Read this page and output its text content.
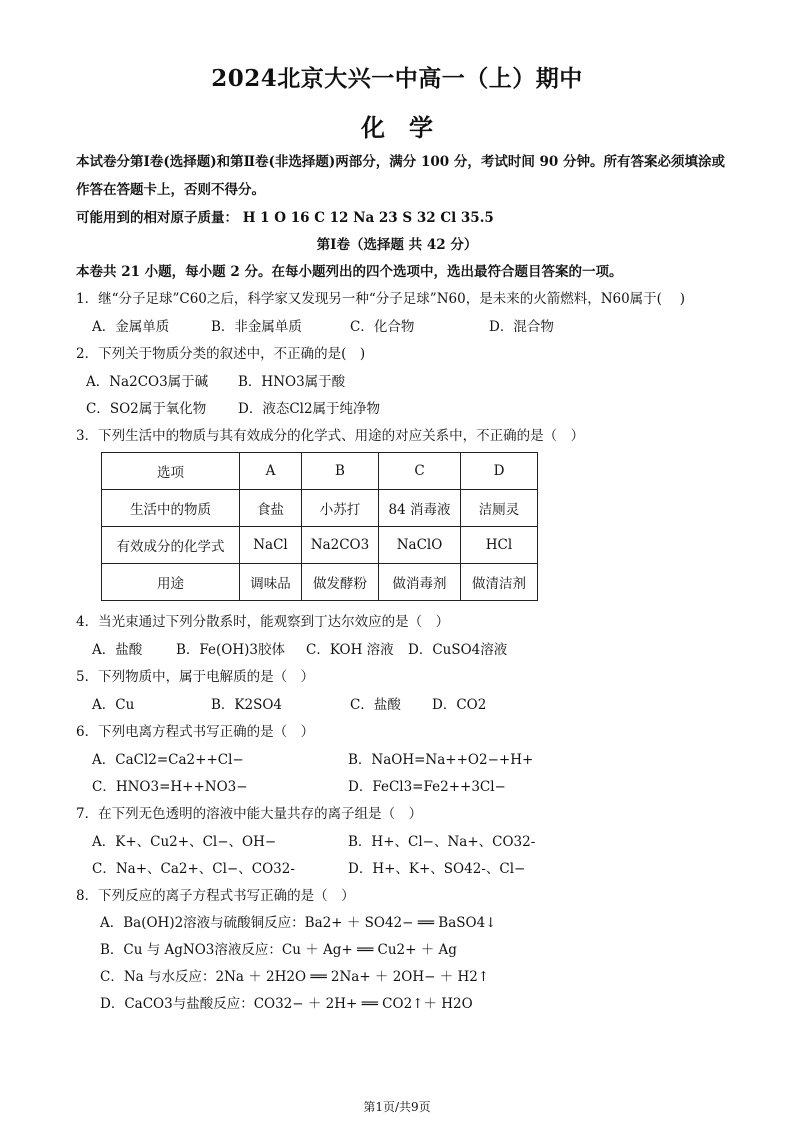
2024北京大兴一中高一（上）期中
化学
本试卷分第Ⅰ卷(选择题)和第Ⅱ卷(非选择题)两部分，满分 100 分，考试时间 90 分钟。所有答案必须填涂或
作答在答题卡上，否则不得分。
可能用到的相对原子质量： H 1 O 16 C 12 Na 23 S 32 Cl 35.5
第Ⅰ卷（选择题 共 42 分）
本卷共 21 小题，每小题 2 分。在每小题列出的四个选项中，选出最符合题目答案的一项。
1．继“分子足球”C60之后，科学家又发现另一种“分子足球”N60，是未来的火箭燃料，N60属于(　 )
A．金属单质	B．非金属单质	C．化合物	D．混合物
2．下列关于物质分类的叙述中，不正确的是(　)
A．Na2CO3属于碱 B．HNO3属于酸
C．SO2属于氧化物 D．液态Cl2属于纯净物
3．下列生活中的物质与其有效成分的化学式、用途的对应关系中，不正确的是（　）
选项	A	B	C	D
生活中的物质	食盐	小苏打	84 消毒液	洁厕灵
有效成分的化学式	NaCl	Na2CO3	NaClO	HCl
用途	调味品	做发酵粉	做消毒剂	做清洁剂
4．当光束通过下列分散系时，能观察到丁达尔效应的是（　）
A．盐酸	B．Fe(OH)3胶体 C．KOH 溶液 D．CuSO4溶液
5．下列物质中，属于电解质的是（　）
A．Cu	B．K2SO4	C．盐酸 D．CO2
6．下列电离方程式书写正确的是（　）
A．CaCl2=Ca2++Cl−	B．NaOH=Na++O2−+H+
C．HNO3=H++NO3−	D．FeCl3=Fe2++3Cl−
7．在下列无色透明的溶液中能大量共存的离子组是（　）
A．K+、Cu2+、Cl−、OH−	B．H+、Cl−、Na+、CO32-
C．Na+、Ca2+、Cl−、CO32-	D．H+、K+、SO42-、Cl−
8．下列反应的离子方程式书写正确的是（　）
A．Ba(OH)2溶液与硫酸铜反应：Ba2+ ＋ SO42− ══ BaSO4↓
B．Cu 与 AgNO3溶液反应：Cu ＋ Ag+ ══ Cu2+ ＋ Ag
C．Na 与水反应：2Na ＋ 2H2O ══ 2Na+ ＋ 2OH− ＋ H2↑
D．CaCO3与盐酸反应：CO32− ＋ 2H+ ══ CO2↑＋ H2O
第1页/共9页
